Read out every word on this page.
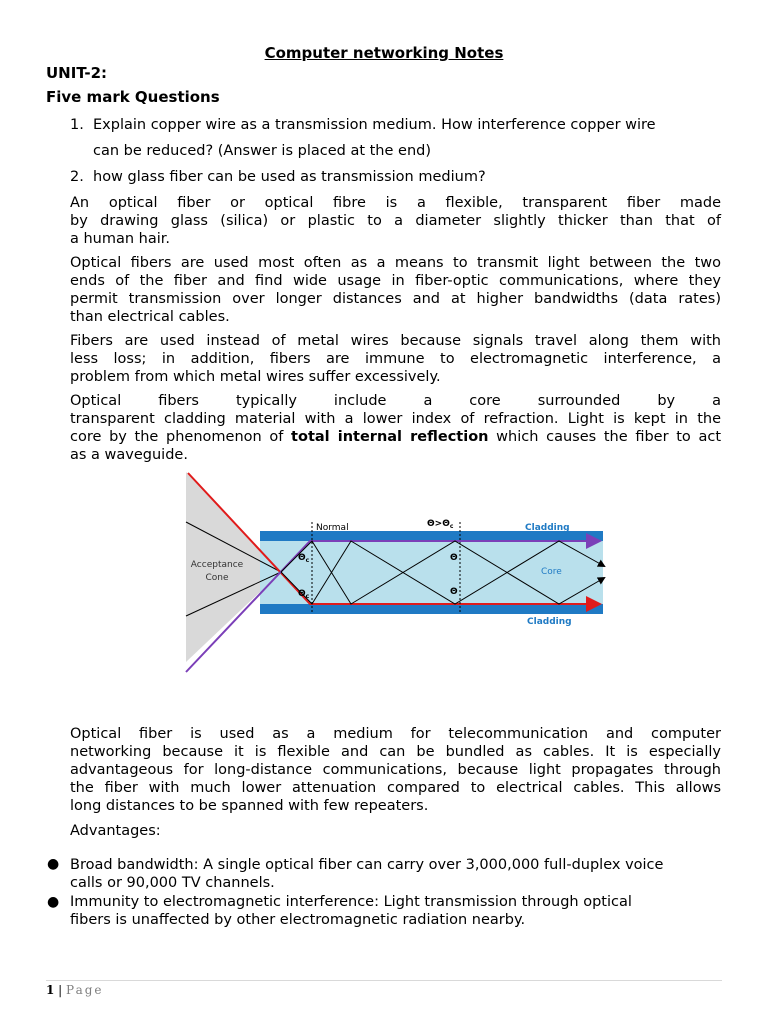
Computer networking Notes
UNIT-2:
Five mark Questions
1. Explain copper wire as a transmission medium. How interference copper wire
can be reduced? (Answer is placed at the end)
2. how glass fiber can be used as transmission medium?
An optical fiber or optical fibre is a flexible, transparent fiber made
by drawing glass (silica) or plastic to a diameter slightly thicker than that of
a human hair.
Optical fibers are used most often as a means to transmit light between the two
ends of the fiber and find wide usage in fiber-optic communications, where they
permit transmission over longer distances and at higher bandwidths (data rates)
than electrical cables.
Fibers are used instead of metal wires because signals travel along them with
less loss; in addition, fibers are immune to electromagnetic interference, a
problem from which metal wires suffer excessively.
Optical fibers typically include a core surrounded by a
transparent cladding material with a lower index of refraction. Light is kept in the
core by the phenomenon of total internal reflection which causes the fiber to act
as a waveguide.
Acceptance
Cone
Normal	$\Theta>\Theta_c$	Cladding
Cladding
Core
$\Theta_c$
$\Theta_c$
Θ
Θ
Optical fiber is used as a medium for telecommunication and computer
networking because it is flexible and can be bundled as cables. It is especially
advantageous for long-distance communications, because light propagates through
the fiber with much lower attenuation compared to electrical cables. This allows
long distances to be spanned with few repeaters.
Advantages:
● Broad bandwidth: A single optical fiber can carry over 3,000,000 full-duplex voice
calls or 90,000 TV channels.
● Immunity to electromagnetic interference: Light transmission through optical
fibers is unaffected by other electromagnetic radiation nearby.
1 | Page
